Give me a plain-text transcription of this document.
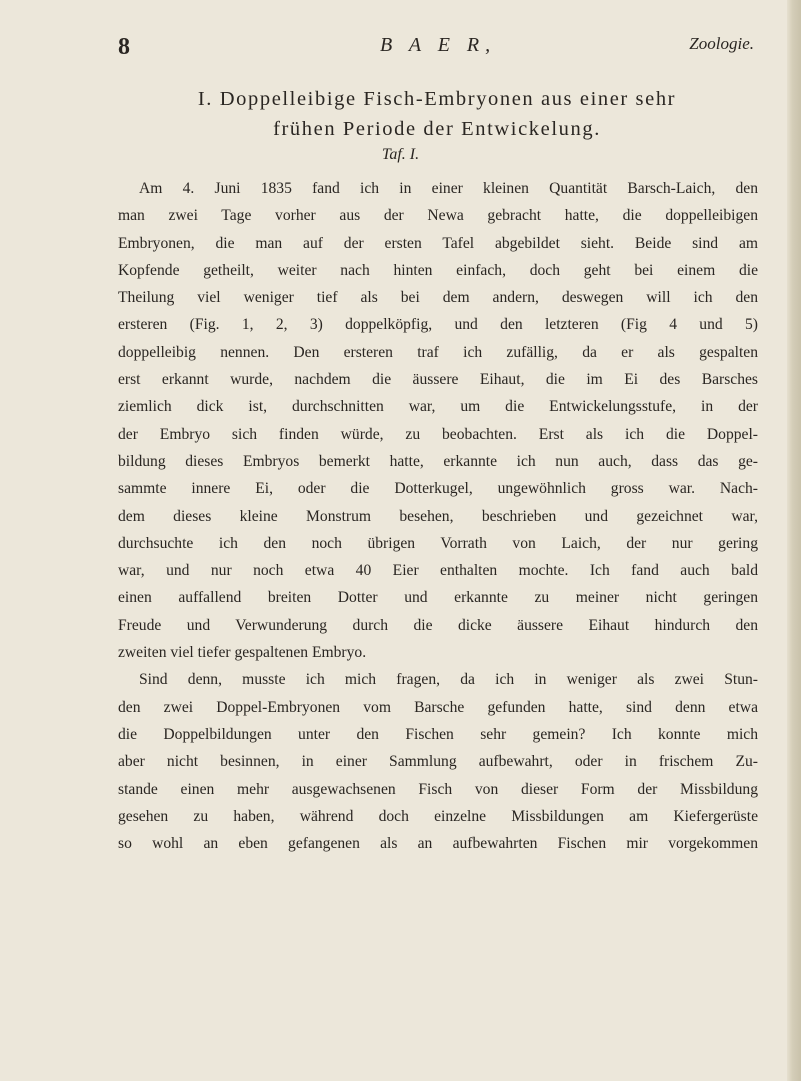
8	B A E R,	Zoologie.
I. Doppelleibige Fisch-Embryonen aus einer sehr
frühen Periode der Entwickelung.
Taf. I.
Am 4. Juni 1835 fand ich in einer kleinen Quantität Barsch-Laich, den
man zwei Tage vorher aus der Newa gebracht hatte, die doppelleibigen
Embryonen, die man auf der ersten Tafel abgebildet sieht. Beide sind am
Kopfende getheilt, weiter nach hinten einfach, doch geht bei einem die
Theilung viel weniger tief als bei dem andern, deswegen will ich den
ersteren (Fig. 1, 2, 3) doppelköpfig, und den letzteren (Fig 4 und 5)
doppelleibig nennen. Den ersteren traf ich zufällig, da er als gespalten
erst erkannt wurde, nachdem die äussere Eihaut, die im Ei des Barsches
ziemlich dick ist, durchschnitten war, um die Entwickelungsstufe, in der
der Embryo sich finden würde, zu beobachten. Erst als ich die Doppel-
bildung dieses Embryos bemerkt hatte, erkannte ich nun auch, dass das ge-
sammte innere Ei, oder die Dotterkugel, ungewöhnlich gross war. Nach-
dem dieses kleine Monstrum besehen, beschrieben und gezeichnet war,
durchsuchte ich den noch übrigen Vorrath von Laich, der nur gering
war, und nur noch etwa 40 Eier enthalten mochte. Ich fand auch bald
einen auffallend breiten Dotter und erkannte zu meiner nicht geringen
Freude und Verwunderung durch die dicke äussere Eihaut hindurch den
zweiten viel tiefer gespaltenen Embryo.
Sind denn, musste ich mich fragen, da ich in weniger als zwei Stun-
den zwei Doppel-Embryonen vom Barsche gefunden hatte, sind denn etwa
die Doppelbildungen unter den Fischen sehr gemein? Ich konnte mich
aber nicht besinnen, in einer Sammlung aufbewahrt, oder in frischem Zu-
stande einen mehr ausgewachsenen Fisch von dieser Form der Missbildung
gesehen zu haben, während doch einzelne Missbildungen am Kiefergerüste
so wohl an eben gefangenen als an aufbewahrten Fischen mir vorgekommen
